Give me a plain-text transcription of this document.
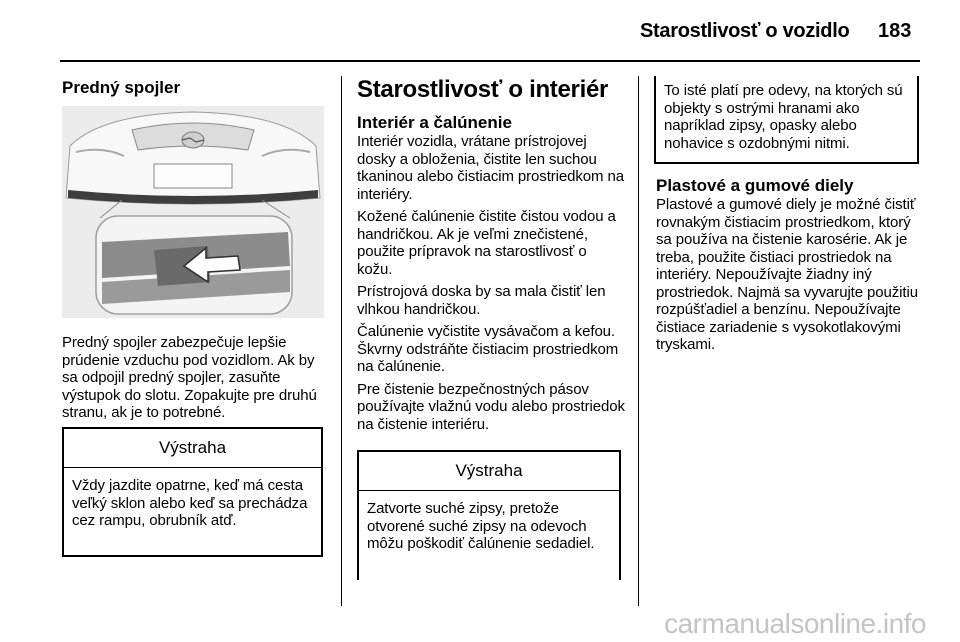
Starostlivosť o vozidlo 183
Predný spojler

Predný spojler zabezpečuje lepšie prúdenie vzduchu pod vozidlom. Ak by sa odpojil predný spojler, zasuňte výstupok do slotu. Zopakujte pre druhú stranu, ak je to potrebné.

Výstraha

Vždy jazdite opatrne, keď má cesta veľký sklon alebo keď sa prechádza cez rampu, obrubník atď.

Starostlivosť o interiér
Interiér a čalúnenie

Interiér vozidla, vrátane prístrojovej dosky a obloženia, čistite len suchou tkaninou alebo čistiacim prostriedkom na interiéry.

Kožené čalúnenie čistite čistou vodou a handričkou. Ak je veľmi znečistené, použite prípravok na starostlivosť o kožu.

Prístrojová doska by sa mala čistiť len vlhkou handričkou.

Čalúnenie vyčistite vysávačom a kefou. Škvrny odstráňte čistiacim prostriedkom na čalúnenie.

Pre čistenie bezpečnostných pásov používajte vlažnú vodu alebo prostriedok na čistenie interiéru.

Výstraha

Zatvorte suché zipsy, pretože otvorené suché zipsy na odevoch môžu poškodiť čalúnenie sedadiel.

To isté platí pre odevy, na ktorých sú objekty s ostrými hranami ako napríklad zipsy, opasky alebo nohavice s ozdobnými nitmi.

Plastové a gumové diely

Plastové a gumové diely je možné čistiť rovnakým čistiacim prostriedkom, ktorý sa používa na čistenie karosérie. Ak je treba, použite čistiaci prostriedok na interiéry. Nepoužívajte žiadny iný prostriedok. Najmä sa vyvarujte použitiu rozpúšťadiel a benzínu. Nepoužívajte čistiace zariadenie s vysokotlakovými tryskami.

carmanualsonline.info
